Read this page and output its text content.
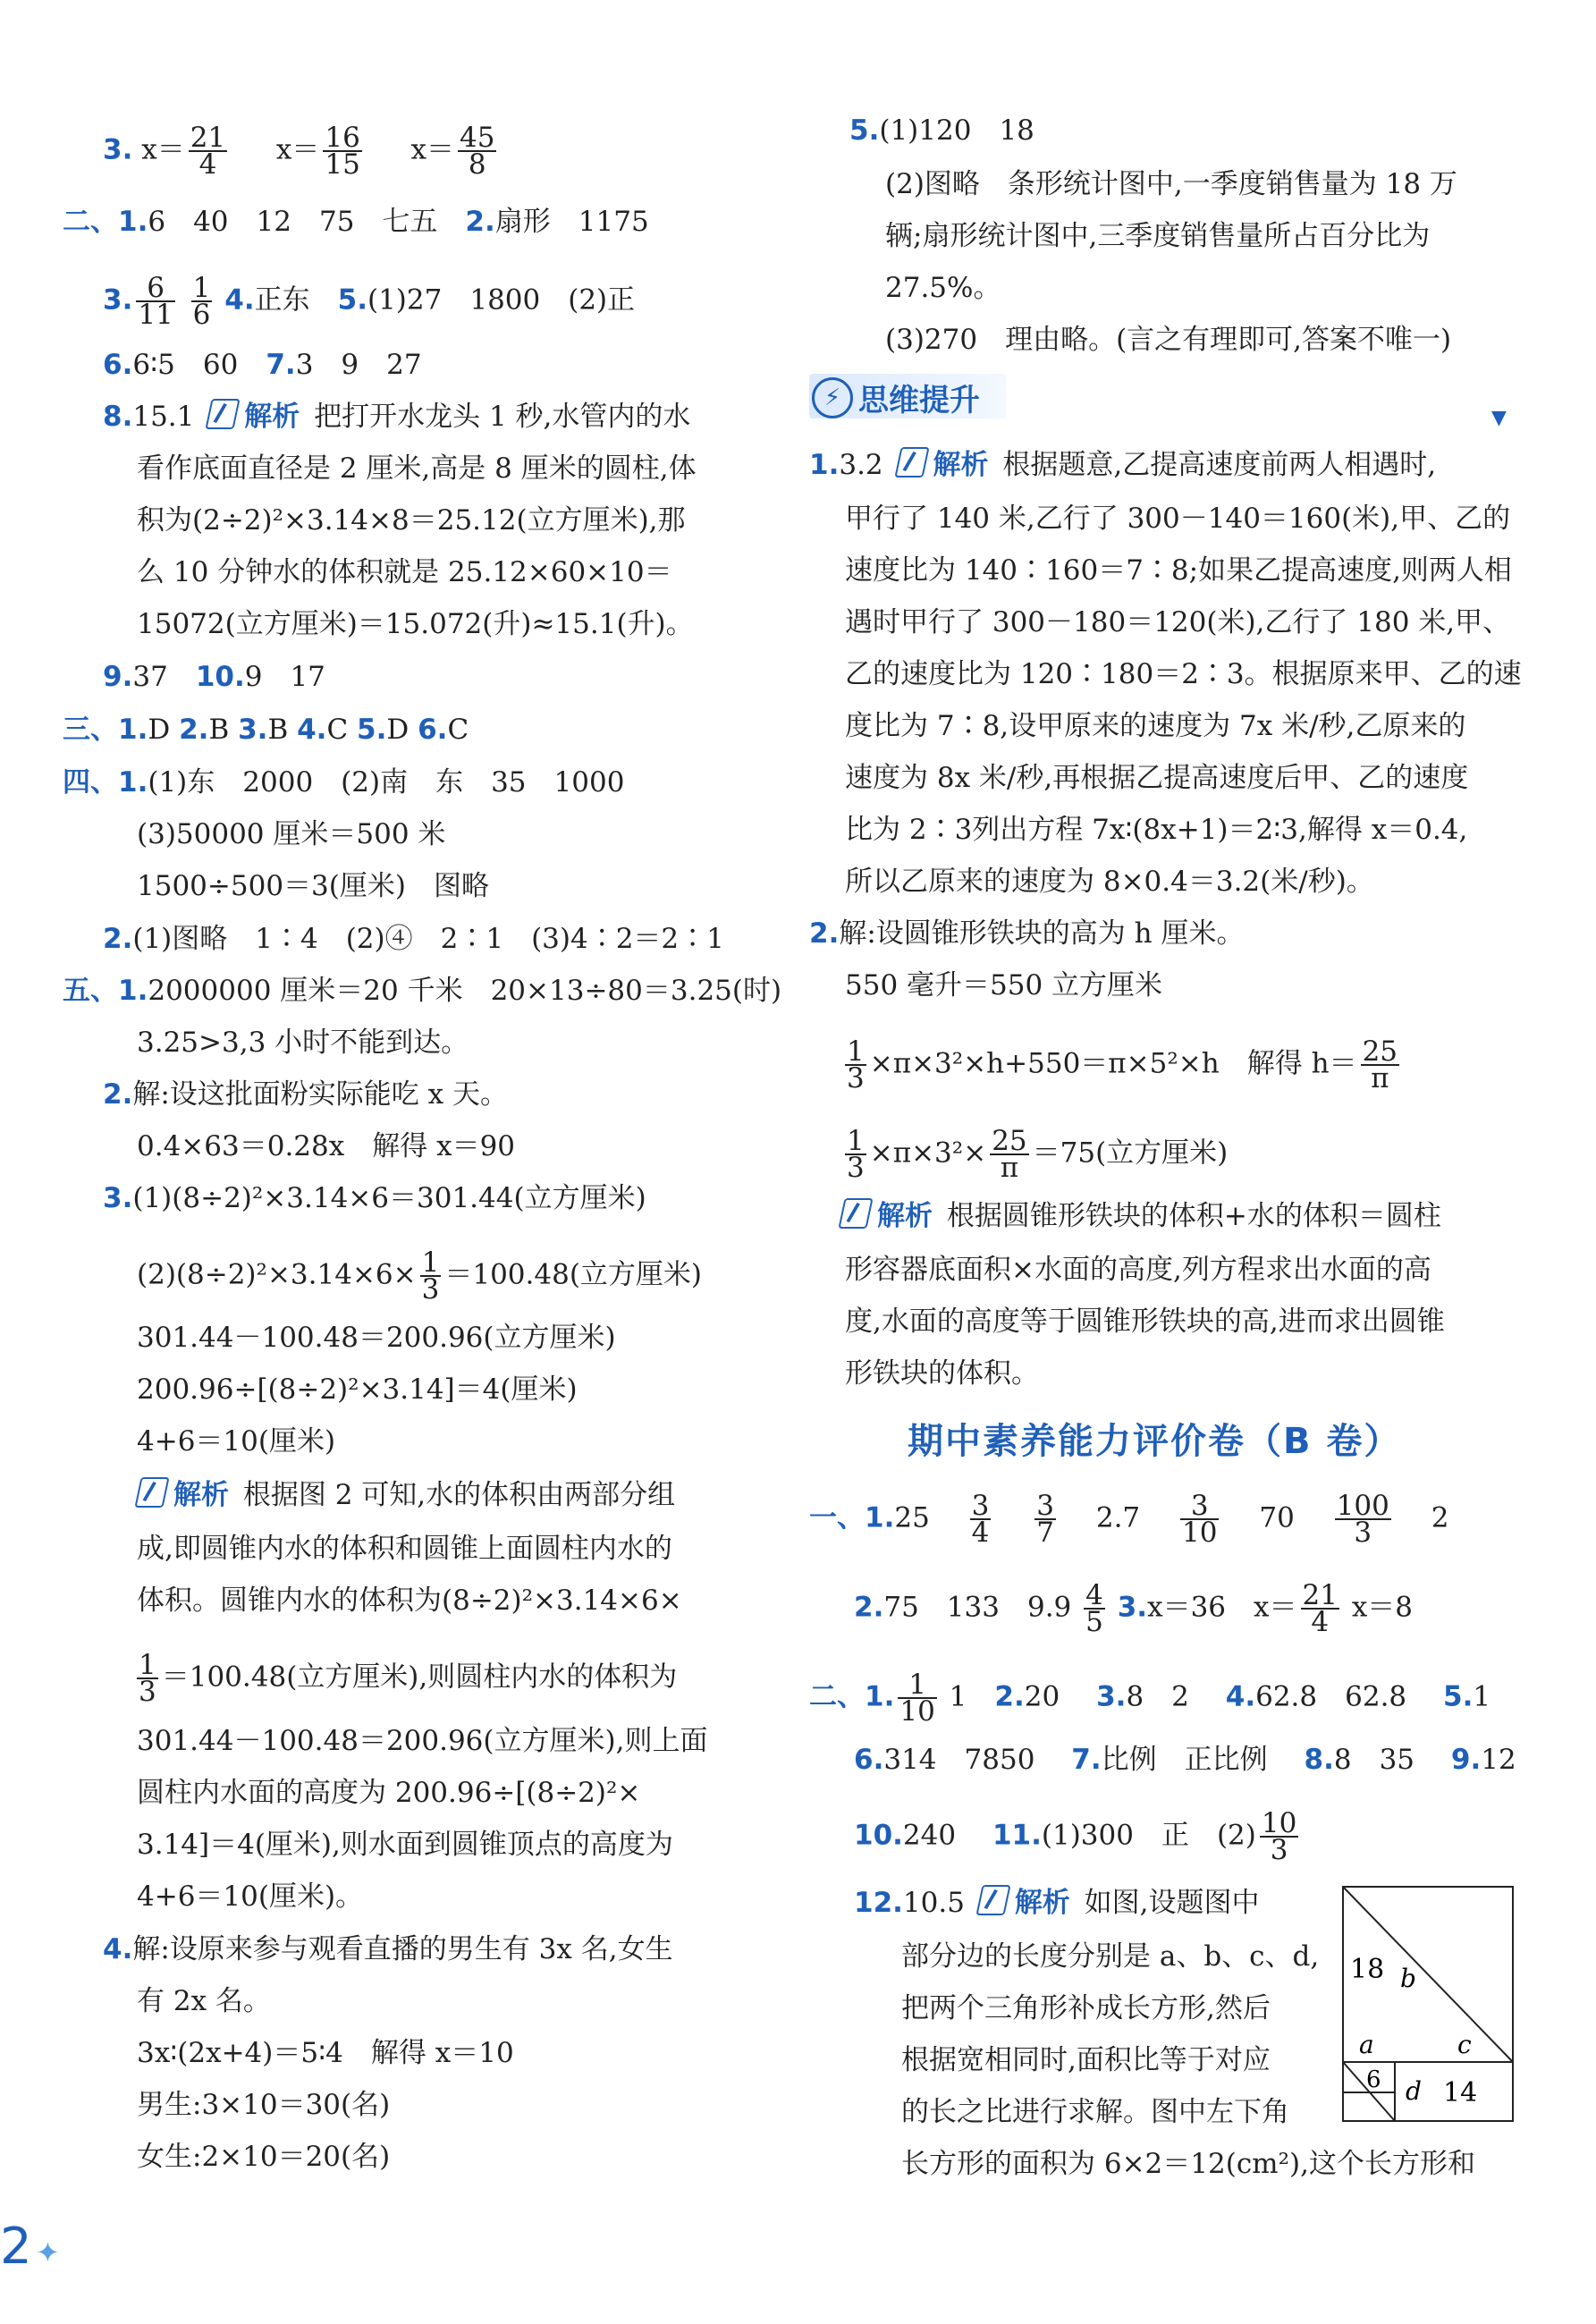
3. $x= \frac{21}{4}$
　 $x= \frac{16}{15}$
　 $x= \frac{45}{8}$
二、1.6　40　12　75　七五　 2.扇形　1175
3. $\frac{6}{11}$
$\frac{1}{6} 4$.正东　 5.(1)27　1800　(2)正
6.6∶5　60　 7.3　9　27
8.15.1 解析 把打开水龙头 1 秒,水管内的水
看作底面直径是 2 厘米,高是 8 厘米的圆柱,体
积为(2÷2)²×3.14×8＝25.12(立方厘米),那
么 10 分钟水的体积就是 25.12×60×10＝
15072(立方厘米)＝15.072(升)≈15.1(升)。
9.37　 10.9　17
三、1.D 2.B 3.B 4.C 5.D 6.C
四、1.(1)东　2000　(2)南　东　35　1000
(3)50000 厘米＝500 米
1500÷500＝3(厘米)　图略
2.(1)图略　1∶4　(2)④　2∶1　(3)4∶2＝2∶1
五、1.2000000 厘米＝20 千米　20×13÷80＝3.25(时)
3.25>3,3 小时不能到达。
2.解:设这批面粉实际能吃 x 天。
0.4×63＝0.28x　解得 x＝90
3.(1)(8÷2)²×3.14×6＝301.44(立方厘米)
$(2)(8\div 2)^2\times 3.14\times 6\times \frac{1}{3} =100.48$(立方厘米)
301.44－100.48＝200.96(立方厘米)
200.96÷[(8÷2)²×3.14]＝4(厘米)
4+6＝10(厘米)
解析 根据图 2 可知,水的体积由两部分组
成,即圆锥内水的体积和圆锥上面圆柱内水的
体积。圆锥内水的体积为(8÷2)²×3.14×6×
$\frac{1}{3} =100.48$(立方厘米),则圆柱内水的体积为
301.44－100.48＝200.96(立方厘米),则上面
圆柱内水面的高度为 200.96÷[(8÷2)²×
3.14]＝4(厘米),则水面到圆锥顶点的高度为
4+6＝10(厘米)。
4.解:设原来参与观看直播的男生有 3x 名,女生
有 2x 名。
3x∶(2x+4)＝5∶4　解得 x＝10
男生:3×10＝30(名)
女生:2×10＝20(名)
5.(1)120　18
(2)图略　条形统计图中,一季度销售量为 18 万
辆;扇形统计图中,三季度销售量所占百分比为
27.5%。
(3)270　理由略。(言之有理即可,答案不唯一)
⚡ 思维提升	▼
1.3.2 解析 根据题意,乙提高速度前两人相遇时,
甲行了 140 米,乙行了 300－140＝160(米),甲、乙的
速度比为 140∶160＝7∶8;如果乙提高速度,则两人相
遇时甲行了 300－180＝120(米),乙行了 180 米,甲、
乙的速度比为 120∶180＝2∶3。根据原来甲、乙的速
度比为 7∶8,设甲原来的速度为 7x 米/秒,乙原来的
速度为 8x 米/秒,再根据乙提高速度后甲、乙的速度
比为 2∶3列出方程 7x∶(8x+1)＝2∶3,解得 x＝0.4,
所以乙原来的速度为 8×0.4＝3.2(米/秒)。
2.解:设圆锥形铁块的高为 h 厘米。
550 毫升＝550 立方厘米
$\frac{1}{3} \times\pi\times 3^2\times h+550=\pi\times 5^2\times h$　解得 $h= \frac{25}{\pi}$
$\frac{1}{3} \times\pi\times 3^2\times \frac{25}{\pi} =75$(立方厘米)
解析 根据圆锥形铁块的体积+水的体积＝圆柱
形容器底面积×水面的高度,列方程求出水面的高
度,水面的高度等于圆锥形铁块的高,进而求出圆锥
形铁块的体积。
期中素养能力评价卷（B 卷）
一、1.25　 $\frac{3}{4}$
　 $\frac{3}{7}$
　 2.7　 $\frac{3}{10}$
　 70　 $\frac{100}{3}$
　 2
2.75　133　$9.9 \frac{4}{5} 3.x=36$　$x= \frac{21}{4} x=8$
二、1. $\frac{1}{10} 1$　 2.20　 3.8　2　 4.62.8　62.8　 5.1
6.314　7850　 7.比例　正比例　 8.8　35　 9.12
10.240　 11.(1)300　正　$(2) \frac{10}{3}$
12.10.5 解析 如图,设题图中
部分边的长度分别是 a、b、c、d,
把两个三角形补成长方形,然后
根据宽相同时,面积比等于对应
的长之比进行求解。图中左下角
长方形的面积为 6×2＝12(cm²),这个长方形和
18 b
a	c
6 d 14
2 ✦
